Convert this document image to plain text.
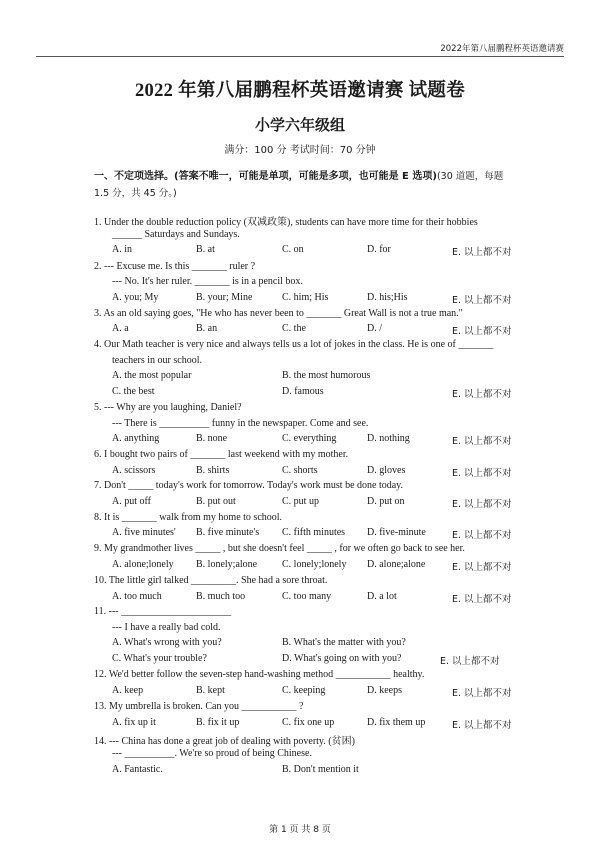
2022年第八届鹏程杯英语邀请赛
2022 年第八届鹏程杯英语邀请赛 试题卷
小学六年级组
满分：100 分 考试时间：70 分钟
一、不定项选择。(答案不唯一，可能是单项，可能是多项，也可能是 E 选项)(30 道题，每题
1.5 分，共 45 分。)
1. Under the double reduction policy (双减政策), students can have more time for their hobbies
______ Saturdays and Sundays.
A. in	B. at	C. on	D. for	E. 以上都不对
2. --- Excuse me. Is this _______ ruler ?
--- No. It's her ruler. _______ is in a pencil box.
A. you; My	B. your; Mine	C. him; His	D. his;His	E. 以上都不对
3. As an old saying goes, "He who has never been to _______ Great Wall is not a true man."
A. a	B. an	C. the	D. /	E. 以上都不对
4. Our Math teacher is very nice and always tells us a lot of jokes in the class. He is one of _______
teachers in our school.
A. the most popular	B. the most humorous
C. the best	D. famous	E. 以上都不对
5. --- Why are you laughing, Daniel?
--- There is __________ funny in the newspaper. Come and see.
A. anything	B. none	C. everything	D. nothing	E. 以上都不对
6. I bought two pairs of _______ last weekend with my mother.
A. scissors	B. shirts	C. shorts	D. gloves	E. 以上都不对
7. Don't _____ today's work for tomorrow. Today's work must be done today.
A. put off	B. put out	C. put up	D. put on	E. 以上都不对
8. It is _______ walk from my home to school.
A. five minutes' B. five minute's C. fifth minutes D. five-minute	E. 以上都不对
9. My grandmother lives _____ , but she doesn't feel _____ , for we often go back to see her.
A. alone;lonely B. lonely;alone C. lonely;lonely D. alone;alone	E. 以上都不对
10. The little girl talked _________. She had a sore throat.
A. too much	B. much too	C. too many	D. a lot	E. 以上都不对
11. --- ______________________
--- I have a really bad cold.
A. What's wrong with you?	B. What's the matter with you?
C. What's your trouble?	D. What's going on with you?	E. 以上都不对
12. We'd better follow the seven-step hand-washing method ___________ healthy.
A. keep	B. kept	C. keeping	D. keeps	E. 以上都不对
13. My umbrella is broken. Can you ___________ ?
A. fix up it	B. fix it up	C. fix one up	D. fix them up	E. 以上都不对
14. --- China has done a great job of dealing with poverty. (贫困)
--- __________. We're so proud of being Chinese.
A. Fantastic.	B. Don't mention it
第 1 页 共 8 页
